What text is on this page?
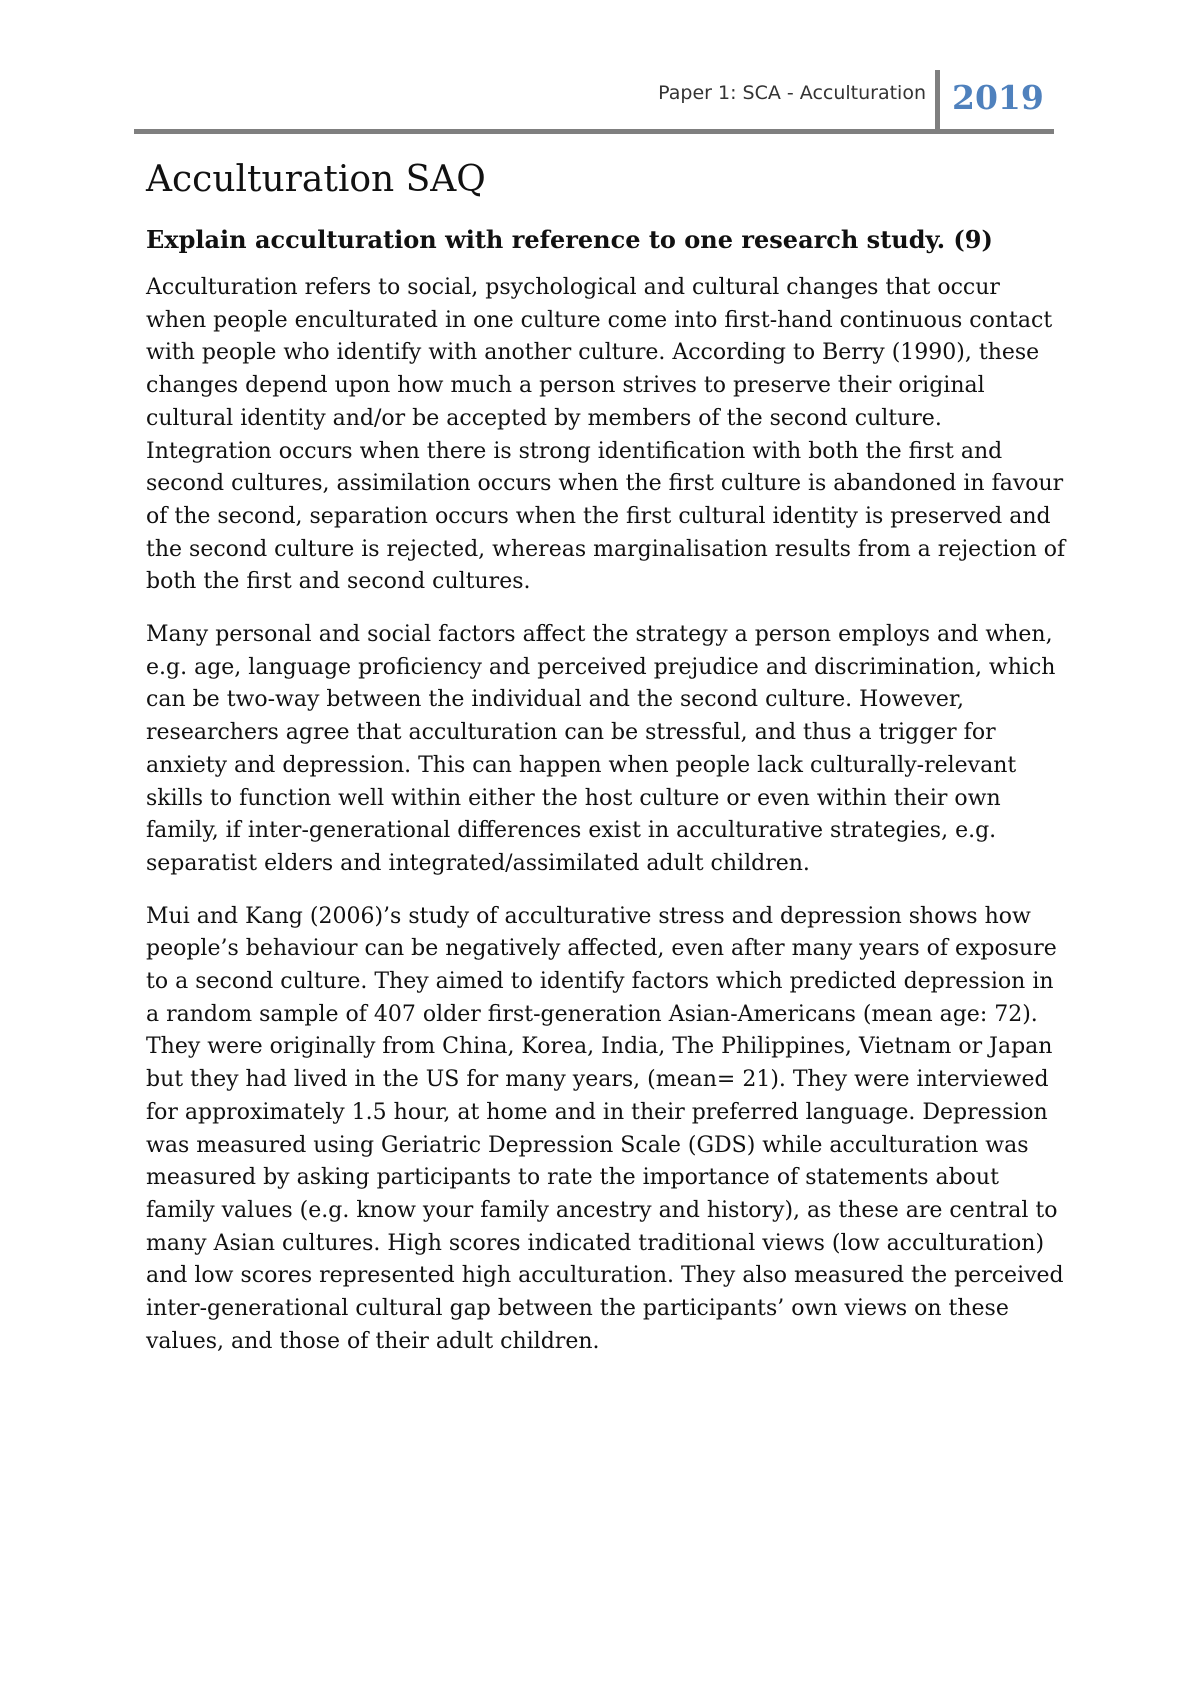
Paper 1: SCA - Acculturation 2019
Acculturation SAQ
Explain acculturation with reference to one research study. (9)

Acculturation refers to social, psychological and cultural changes that occur when people enculturated in one culture come into first-hand continuous contact with people who identify with another culture. According to Berry (1990), these changes depend upon how much a person strives to preserve their original cultural identity and/or be accepted by members of the second culture. Integration occurs when there is strong identification with both the first and second cultures, assimilation occurs when the first culture is abandoned in favour of the second, separation occurs when the first cultural identity is preserved and the second culture is rejected, whereas marginalisation results from a rejection of both the first and second cultures.

Many personal and social factors affect the strategy a person employs and when, e.g. age, language proficiency and perceived prejudice and discrimination, which can be two-way between the individual and the second culture. However, researchers agree that acculturation can be stressful, and thus a trigger for anxiety and depression. This can happen when people lack culturally-relevant skills to function well within either the host culture or even within their own family, if inter-generational differences exist in acculturative strategies, e.g. separatist elders and integrated/assimilated adult children.

Mui and Kang (2006)’s study of acculturative stress and depression shows how people’s behaviour can be negatively affected, even after many years of exposure to a second culture. They aimed to identify factors which predicted depression in a random sample of 407 older first-generation Asian-Americans (mean age: 72). They were originally from China, Korea, India, The Philippines, Vietnam or Japan but they had lived in the US for many years, (mean= 21). They were interviewed for approximately 1.5 hour, at home and in their preferred language. Depression was measured using Geriatric Depression Scale (GDS) while acculturation was measured by asking participants to rate the importance of statements about family values (e.g. know your family ancestry and history), as these are central to many Asian cultures. High scores indicated traditional views (low acculturation) and low scores represented high acculturation. They also measured the perceived inter-generational cultural gap between the participants’ own views on these values, and those of their adult children.
